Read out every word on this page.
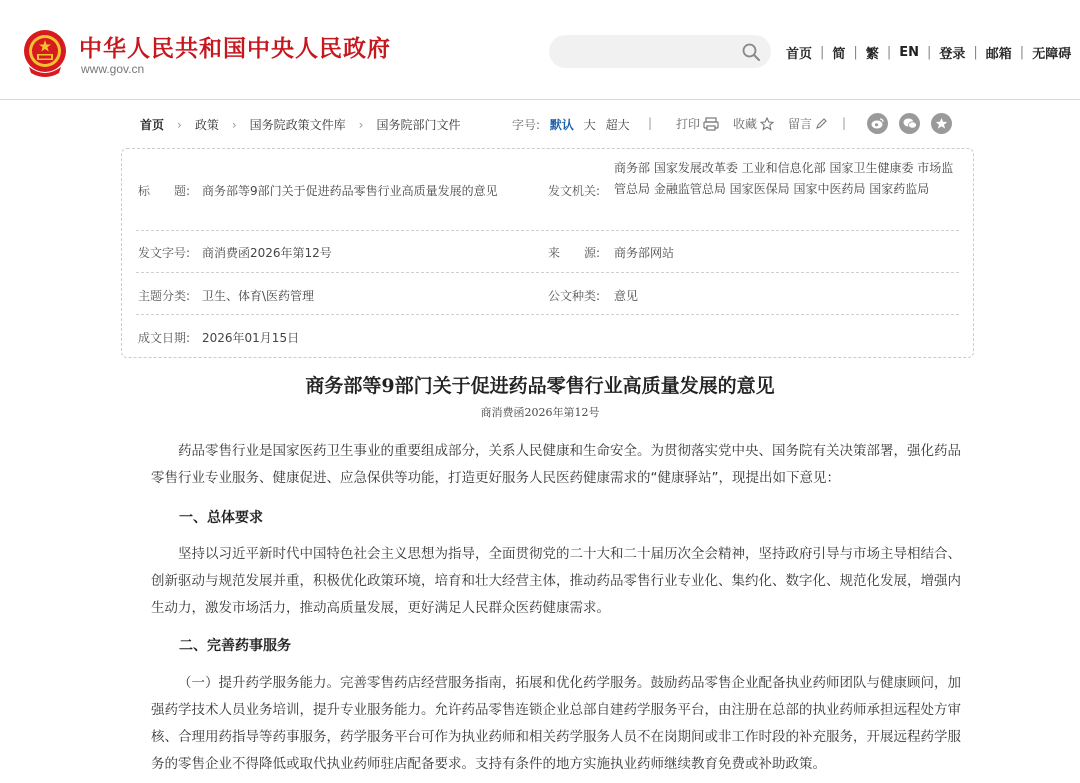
中华人民共和国中央人民政府
www.gov.cn
首页 | 简 | 繁 | EN | 登录 | 邮箱 | 无障碍
首页 › 政策 › 国务院政策文件库 › 国务院部门文件	字号: 默认 大 超大 | 打印	收藏	留言 |
标　　题: 商务部等9部门关于促进药品零售行业高质量发展的意见	发文机关:
商务部 国家发展改革委 工业和信息化部 国家卫生健康委 市场监管总局 金融监管总局 国家医保局 国家中医药局 国家药监局
发文字号: 商消费函2026年第12号	来　　源: 商务部网站
主题分类: 卫生、体育\医药管理	公文种类: 意见
成文日期: 2026年01月15日
商务部等9部门关于促进药品零售行业高质量发展的意见
商消费函2026年第12号

药品零售行业是国家医药卫生事业的重要组成部分，关系人民健康和生命安全。为贯彻落实党中央、国务院有关决策部署，强化药品零售行业专业服务、健康促进、应急保供等功能，打造更好服务人民医药健康需求的“健康驿站”，现提出如下意见：

一、总体要求

坚持以习近平新时代中国特色社会主义思想为指导，全面贯彻党的二十大和二十届历次全会精神，坚持政府引导与市场主导相结合、创新驱动与规范发展并重，积极优化政策环境，培育和壮大经营主体，推动药品零售行业专业化、集约化、数字化、规范化发展，增强内生动力，激发市场活力，推动高质量发展，更好满足人民群众医药健康需求。

二、完善药事服务

（一）提升药学服务能力。完善零售药店经营服务指南，拓展和优化药学服务。鼓励药品零售企业配备执业药师团队与健康顾问，加强药学技术人员业务培训，提升专业服务能力。允许药品零售连锁企业总部自建药学服务平台，由注册在总部的执业药师承担远程处方审核、合理用药指导等药事服务，药学服务平台可作为执业药师和相关药学服务人员不在岗期间或非工作时段的补充服务，开展远程药学服务的零售企业不得降低或取代执业药师驻店配备要求。支持有条件的地方实施执业药师继续教育免费或补助政策。
